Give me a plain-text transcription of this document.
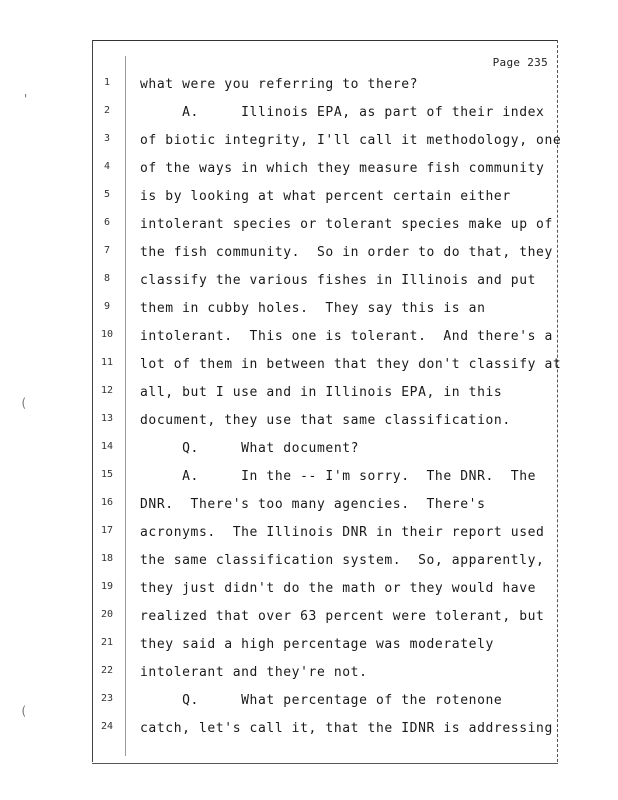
'
(
(
Page 235
1	what were you referring to there?
2	A.     Illinois EPA, as part of their index
3	of biotic integrity, I'll call it methodology, one
4	of the ways in which they measure fish community
5	is by looking at what percent certain either
6	intolerant species or tolerant species make up of
7	the fish community.  So in order to do that, they
8	classify the various fishes in Illinois and put
9	them in cubby holes.  They say this is an
10	intolerant.  This one is tolerant.  And there's a
11	lot of them in between that they don't classify at
12	all, but I use and in Illinois EPA, in this
13	document, they use that same classification.
14	Q.     What document?
15	A.     In the -- I'm sorry.  The DNR.  The
16	DNR.  There's too many agencies.  There's
17	acronyms.  The Illinois DNR in their report used
18	the same classification system.  So, apparently,
19	they just didn't do the math or they would have
20	realized that over 63 percent were tolerant, but
21	they said a high percentage was moderately
22	intolerant and they're not.
23	Q.     What percentage of the rotenone
24	catch, let's call it, that the IDNR is addressing
